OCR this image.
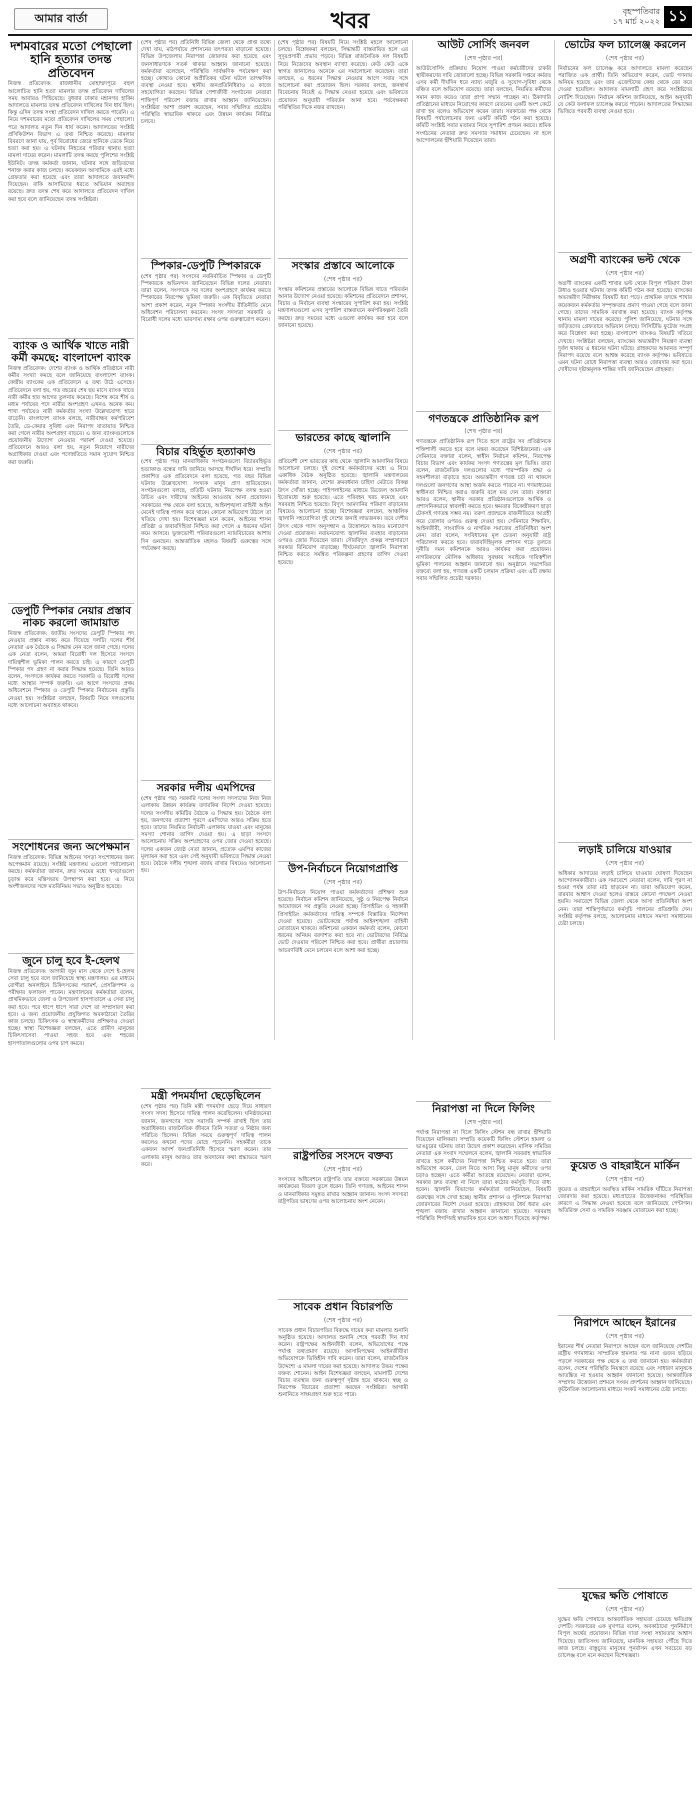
আমার বার্তা	খবর	বৃহস্পতিবার
১৭ মার্চ ২০২২ ১১
দশমবারের মতো পেছালো হানি হত্যার তদন্ত প্রতিবেদন
নিজস্ব প্রতিবেদক: রাজধানীর মোহাম্মদপুরে বহুল আলোচিত হানি হত্যা মামলার তদন্ত প্রতিবেদন দাখিলের সময় আবারও পিছিয়েছে। বুধবার ঢাকার মহানগর হাকিম আদালতে মামলার তদন্ত প্রতিবেদন দাখিলের দিন ধার্য ছিল। কিন্তু এদিন তদন্ত সংস্থা প্রতিবেদন দাখিল করতে পারেনি। এ নিয়ে দশমবারের মতো প্রতিবেদন দাখিলের সময় পেছালো। পরে আদালত নতুন দিন ধার্য করেন। আদালতের সংশ্লিষ্ট প্রসিকিউশন বিভাগ এ তথ্য নিশ্চিত করেছে। মামলার বিবরণে জানা যায়, পূর্ব বিরোধের জেরে হানিকে ডেকে নিয়ে হত্যা করা হয়। এ ঘটনায় নিহতের পরিবার থানায় হত্যা মামলা দায়ের করেন। মামলাটি তদন্ত করছে পুলিশের সংশ্লিষ্ট ইউনিট। তদন্ত কর্মকর্তা জানান, ঘটনার সঙ্গে জড়িতদের শনাক্ত করার কাজ চলছে। কয়েকজন আসামিকে এরই মধ্যে গ্রেফতার করা হয়েছে এবং তারা আদালতে জবানবন্দি দিয়েছেন। বাকি আসামিদের ধরতে অভিযান অব্যাহত রয়েছে। দ্রুত তদন্ত শেষ করে আদালতে প্রতিবেদন দাখিল করা হবে বলে জানিয়েছেন তদন্ত সংশ্লিষ্টরা।
ব্যাংক ও আর্থিক খাতে নারী কর্মী কমছে: বাংলাদেশ ব্যাংক
নিজস্ব প্রতিবেদক: দেশের ব্যাংক ও আর্থিক প্রতিষ্ঠানে নারী কর্মীর সংখ্যা কমছে বলে জানিয়েছে বাংলাদেশ ব্যাংক। কেন্দ্রীয় ব্যাংকের এক প্রতিবেদনে এ তথ্য উঠে এসেছে। প্রতিবেদনে বলা হয়, গত বছরের শেষ ছয় মাসে ব্যাংক খাতে নারী কর্মীর হার আগের তুলনায় কমেছে। বিশেষ করে শীর্ষ ও মধ্যম পর্যায়ের পদে নারীর অংশগ্রহণ এখনও অনেক কম। শাখা পর্যায়েও নারী কর্মকর্তার সংখ্যা উল্লেখযোগ্য হারে বাড়েনি। বাংলাদেশ ব্যাংক বলছে, নারীবান্ধব কর্মপরিবেশ তৈরি, ডে-কেয়ার সুবিধা এবং নিরাপদ যাতায়াত নিশ্চিত করা গেলে নারীর অংশগ্রহণ বাড়বে। এ জন্য ব্যাংকগুলোকে প্রয়োজনীয় উদ্যোগ নেওয়ার পরামর্শ দেওয়া হয়েছে। প্রতিবেদনে আরও বলা হয়, নতুন নিয়োগে নারীদের অগ্রাধিকার দেওয়া এবং পদোন্নতিতে সমান সুযোগ নিশ্চিত করা জরুরি।
ডেপুটি স্পিকার নেয়ার প্রস্তাব নাকচ করলো জামায়াত
নিজস্ব প্রতিবেদক: জাতীয় সংসদের ডেপুটি স্পিকার পদ নেওয়ার প্রস্তাব নাকচ করে দিয়েছে দলটি। দলের শীর্ষ নেতারা এক বৈঠকে এ সিদ্ধান্ত নেন বলে জানা গেছে। দলের এক নেতা বলেন, আমরা বিরোধী দল হিসেবে সংসদে দায়িত্বশীল ভূমিকা পালন করতে চাই। এ কারণে ডেপুটি স্পিকার পদ গ্রহণ না করার সিদ্ধান্ত হয়েছে। তিনি আরও বলেন, সংসদকে কার্যকর করতে সরকারি ও বিরোধী দলের মধ্যে আস্থার সম্পর্ক জরুরি। এর আগে সংসদের প্রথম অধিবেশনে স্পিকার ও ডেপুটি স্পিকার নির্বাচনের প্রস্তুতি নেওয়া হয়। সংশ্লিষ্টরা বলছেন, বিষয়টি নিয়ে দলগুলোর মধ্যে আলোচনা অব্যাহত থাকবে।
সংশোধনের জন্য অপেক্ষমান
নিজস্ব প্রতিবেদক: বিভিন্ন আইনের খসড়া সংশোধনের জন্য অপেক্ষমান রয়েছে। সংশ্লিষ্ট মন্ত্রণালয় এগুলো পর্যালোচনা করছে। কর্মকর্তারা জানান, দ্রুত সময়ের মধ্যে খসড়াগুলো চূড়ান্ত করে মন্ত্রিসভায় উপস্থাপন করা হবে। এ নিয়ে অংশীজনদের সঙ্গে মতবিনিময় সভাও অনুষ্ঠিত হয়েছে।
জুনে চালু হবে ই-হেলথ
নিজস্ব প্রতিবেদক: আগামী জুন মাস থেকে দেশে ই-হেলথ সেবা চালু হবে বলে জানিয়েছে স্বাস্থ্য মন্ত্রণালয়। এর মাধ্যমে রোগীরা অনলাইনে চিকিৎসকের পরামর্শ, প্রেসক্রিপশন ও পরীক্ষার ফলাফল পাবেন। মন্ত্রণালয়ের কর্মকর্তারা বলেন, প্রাথমিকভাবে জেলা ও উপজেলা হাসপাতালে এ সেবা চালু করা হবে। পরে ধাপে ধাপে সারা দেশে তা সম্প্রসারণ করা হবে। এ জন্য প্রয়োজনীয় প্রযুক্তিগত অবকাঠামো তৈরির কাজ চলছে। চিকিৎসক ও স্বাস্থ্যকর্মীদের প্রশিক্ষণও দেওয়া হচ্ছে। স্বাস্থ্য বিশেষজ্ঞরা বলছেন, এতে গ্রামীণ মানুষের চিকিৎসাসেবা পাওয়া সহজ হবে এবং শহরের হাসপাতালগুলোর ওপর চাপ কমবে।
(শেষ পৃষ্ঠার পর) প্রতিনিধি বিভিন্ন জেলা থেকে প্রাপ্ত তথ্যে দেখা যায়, মাঠপর্যায়ে প্রশাসনের তৎপরতা বাড়ানো হয়েছে। বিভিন্ন উপজেলায় নিরাপত্তা জোরদার করা হয়েছে এবং জনসাধারণকে সতর্ক থাকার আহ্বান জানানো হয়েছে। কর্মকর্তারা বলেছেন, পরিস্থিতি সার্বক্ষণিক পর্যবেক্ষণ করা হচ্ছে। কোথাও কোনো অপ্রীতিকর ঘটনা ঘটলে তাৎক্ষণিক ব্যবস্থা নেওয়া হবে। স্থানীয় জনপ্রতিনিধিরাও এ কাজে সহযোগিতা করছেন। বিভিন্ন পেশাজীবী সংগঠনের নেতারা শান্তিপূর্ণ পরিবেশ বজায় রাখার আহ্বান জানিয়েছেন। সংশ্লিষ্টরা আশা প্রকাশ করেছেন, সবার সম্মিলিত প্রচেষ্টায় পরিস্থিতি স্বাভাবিক থাকবে এবং উন্নয়ন কার্যক্রম নির্বিঘ্নে চলবে।
স্পিকার-ডেপুটি স্পিকারকে
(শেষ পৃষ্ঠার পর) সংসদের নবনির্বাচিত স্পিকার ও ডেপুটি স্পিকারকে অভিনন্দন জানিয়েছেন বিভিন্ন দলের নেতারা। তারা বলেন, সংসদকে সব দলের অংশগ্রহণে কার্যকর করতে স্পিকারের নিরপেক্ষ ভূমিকা জরুরি। এক বিবৃতিতে নেতারা আশা প্রকাশ করেন, নতুন স্পিকার সংসদীয় রীতিনীতি মেনে অধিবেশন পরিচালনা করবেন। সংসদ সদস্যরা সরকারি ও বিরোধী দলের মধ্যে ভারসাম্য রক্ষার ওপর গুরুত্বারোপ করেন।
বিচার বহির্ভূত হত্যাকাণ্ড
(শেষ পৃষ্ঠার পর) মানবাধিকার সংগঠনগুলো বিচারবহির্ভূত হত্যাকাণ্ড বন্ধের দাবি জানিয়ে আসছে দীর্ঘদিন ধরে। সম্প্রতি প্রকাশিত এক প্রতিবেদনে বলা হয়েছে, গত বছর বিভিন্ন ঘটনায় উল্লেখযোগ্য সংখ্যক মানুষ প্রাণ হারিয়েছেন। সংগঠনগুলো বলছে, প্রতিটি ঘটনার নিরপেক্ষ তদন্ত হওয়া উচিত এবং দায়ীদের আইনের আওতায় আনা প্রয়োজন। সরকারের পক্ষ থেকে বলা হয়েছে, আইনশৃঙ্খলা বাহিনী আইন মেনেই দায়িত্ব পালন করে থাকে। কোনো অভিযোগ উঠলে তা খতিয়ে দেখা হয়। বিশেষজ্ঞরা মনে করেন, আইনের শাসন প্রতিষ্ঠা ও জবাবদিহিতা নিশ্চিত করা গেলে এ ধরনের ঘটনা কমে আসবে। ভুক্তভোগী পরিবারগুলো ন্যায়বিচারের আশায় দিন গুনছেন। আন্তর্জাতিক মহলও বিষয়টি গুরুত্বের সঙ্গে পর্যবেক্ষণ করছে।
সরকার দলীয় এমপিদের
(শেষ পৃষ্ঠার পর) সরকারি দলের সংসদ সদস্যদের নিজ নিজ এলাকায় উন্নয়ন কার্যক্রম তদারকির নির্দেশ দেওয়া হয়েছে। দলের সংসদীয় কমিটির বৈঠকে এ সিদ্ধান্ত হয়। বৈঠকে বলা হয়, জনগণের প্রত্যাশা পূরণে এমপিদের আরও সক্রিয় হতে হবে। তাদের নিয়মিত নির্বাচনী এলাকায় যাওয়া এবং মানুষের সমস্যা শোনার তাগিদ দেওয়া হয়। এ ছাড়া সংসদে আলোচনায় সক্রিয় অংশগ্রহণের ওপর জোর দেওয়া হয়েছে। দলের একজন জ্যেষ্ঠ নেতা জানান, প্রত্যেক এমপির কাজের মূল্যায়ন করা হবে এবং সেই অনুযায়ী ভবিষ্যতে সিদ্ধান্ত নেওয়া হবে। বৈঠকে দলীয় শৃঙ্খলা বজায় রাখার বিষয়েও আলোচনা হয়।
মন্ত্রী পদমর্যাদা ছেড়েছিলেন
(শেষ পৃষ্ঠার পর) তিনি মন্ত্রী পদমর্যাদা ছেড়ে দিয়ে সাধারণ সংসদ সদস্য হিসেবে দায়িত্ব পালন করেছিলেন। ঘনিষ্ঠজনেরা জানান, জনগণের সঙ্গে সরাসরি সম্পর্ক রাখাই ছিল তার অগ্রাধিকার। রাজনৈতিক জীবনে তিনি সততা ও নিষ্ঠার জন্য পরিচিত ছিলেন। বিভিন্ন সময়ে গুরুত্বপূর্ণ দায়িত্ব পালন করলেও কখনো পদের মোহে পড়েননি। সহকর্মীরা তাকে একজন আদর্শ জনপ্রতিনিধি হিসেবে স্মরণ করেন। তার এলাকার মানুষ আজও তার অবদানের কথা শ্রদ্ধাভরে স্মরণ করে।
(শেষ পৃষ্ঠার পর) বিষয়টি নিয়ে সংশ্লিষ্ট মহলে আলোচনা চলছে। বিশ্লেষকরা বলছেন, সিদ্ধান্তটি বাস্তবায়িত হলে এর সুদূরপ্রসারী প্রভাব পড়বে। বিভিন্ন রাজনৈতিক দল বিষয়টি নিয়ে নিজেদের অবস্থান ব্যাখ্যা করেছে। কেউ কেউ একে স্বাগত জানালেও অনেকে এর সমালোচনা করেছেন। তারা বলছেন, এ ধরনের সিদ্ধান্ত নেওয়ার আগে সবার সঙ্গে আলোচনা করা প্রয়োজন ছিল। সরকার বলছে, জনস্বার্থ বিবেচনায় নিয়েই এ সিদ্ধান্ত নেওয়া হয়েছে এবং ভবিষ্যতে প্রয়োজন অনুযায়ী পরিবর্তন আনা হবে। পর্যবেক্ষকরা পরিস্থিতির দিকে নজর রাখছেন।
সংস্কার প্রস্তাবে আলোকে
(শেষ পৃষ্ঠার পর)
সংস্কার কমিশনের প্রস্তাবের আলোকে বিভিন্ন খাতে পরিবর্তন আনার উদ্যোগ নেওয়া হয়েছে। কমিশনের প্রতিবেদনে প্রশাসন, বিচার ও নির্বাচন ব্যবস্থা সংস্কারের সুপারিশ করা হয়। সংশ্লিষ্ট মন্ত্রণালয়গুলো এসব সুপারিশ বাস্তবায়নে কর্মপরিকল্পনা তৈরি করছে। দ্রুত সময়ের মধ্যে এগুলো কার্যকর করা হবে বলে জানানো হয়েছে।
ভারতের কাছে জ্বালানি
(শেষ পৃষ্ঠার পর)
প্রতিবেশী দেশ ভারতের কাছ থেকে জ্বালানি আমদানির বিষয়ে আলোচনা চলছে। দুই দেশের কর্মকর্তাদের মধ্যে এ নিয়ে একাধিক বৈঠক অনুষ্ঠিত হয়েছে। জ্বালানি মন্ত্রণালয়ের কর্মকর্তারা জানান, দেশের ক্রমবর্ধমান চাহিদা মেটাতে বিকল্প উৎস খোঁজা হচ্ছে। পাইপলাইনের মাধ্যমে ডিজেল আমদানি ইতোমধ্যে শুরু হয়েছে। এতে পরিবহন খরচ কমেছে এবং সরবরাহ নিশ্চিত হয়েছে। বিদ্যুৎ আমদানির পরিমাণ বাড়ানোর বিষয়েও আলোচনা হচ্ছে। বিশেষজ্ঞরা বলছেন, আঞ্চলিক জ্বালানি সহযোগিতা দুই দেশের জন্যই লাভজনক। তবে দেশীয় উৎস থেকে গ্যাস অনুসন্ধান ও উত্তোলনে আরও মনোযোগ দেওয়া প্রয়োজন। নবায়নযোগ্য জ্বালানির ব্যবহার বাড়ানোর ওপরও জোর দিয়েছেন তারা। সৌরবিদ্যুৎ প্রকল্প সম্প্রসারণে সরকার বিনিয়োগ বাড়াচ্ছে। দীর্ঘমেয়াদে জ্বালানি নিরাপত্তা নিশ্চিত করতে সমন্বিত পরিকল্পনা গ্রহণের তাগিদ দেওয়া হয়েছে।
উপ-নির্বাচনে নিয়োগপ্রাপ্তি
(শেষ পৃষ্ঠার পর)
উপ-নির্বাচনে নিয়োগ পাওয়া কর্মকর্তাদের প্রশিক্ষণ শুরু হয়েছে। নির্বাচন কমিশন জানিয়েছে, সুষ্ঠু ও নিরপেক্ষ নির্বাচন আয়োজনে সব প্রস্তুতি নেওয়া হচ্ছে। প্রিসাইডিং ও সহকারী প্রিসাইডিং কর্মকর্তাদের দায়িত্ব সম্পর্কে বিস্তারিত নির্দেশনা দেওয়া হয়েছে। ভোটকেন্দ্রে পর্যাপ্ত আইনশৃঙ্খলা বাহিনী মোতায়েন থাকবে। কমিশনের একজন কর্মকর্তা বলেন, কোনো ধরনের অনিয়ম বরদাশত করা হবে না। ভোটারদের নির্বিঘ্নে ভোট দেওয়ার পরিবেশ নিশ্চিত করা হবে। প্রার্থীরা প্রচারণায় আচরণবিধি মেনে চলবেন বলে আশা করা হচ্ছে।
রাষ্ট্রপতির সংসদে বক্তব্য
(শেষ পৃষ্ঠার পর)
সংসদের অধিবেশনে রাষ্ট্রপতি তার বক্তব্যে সরকারের উন্নয়ন কার্যক্রমের বিবরণ তুলে ধরেন। তিনি গণতন্ত্র, আইনের শাসন ও মানবাধিকার সমুন্নত রাখার আহ্বান জানান। সংসদ সদস্যরা রাষ্ট্রপতির ভাষণের ওপর আলোচনায় অংশ নেবেন।
সাবেক প্রধান বিচারপতি
(শেষ পৃষ্ঠার পর)
সাবেক প্রধান বিচারপতির বিরুদ্ধে দায়ের করা মামলার শুনানি অনুষ্ঠিত হয়েছে। আদালত শুনানি শেষে পরবর্তী দিন ধার্য করেন। রাষ্ট্রপক্ষের আইনজীবী বলেন, অভিযোগের পক্ষে পর্যাপ্ত তথ্যপ্রমাণ রয়েছে। আসামিপক্ষের আইনজীবীরা অভিযোগকে ভিত্তিহীন দাবি করেন। তারা বলেন, রাজনৈতিক উদ্দেশ্যে এ মামলা দায়ের করা হয়েছে। আদালত উভয় পক্ষের বক্তব্য শোনেন। আইন বিশেষজ্ঞরা বলছেন, মামলাটি দেশের বিচার ব্যবস্থার জন্য গুরুত্বপূর্ণ দৃষ্টান্ত হয়ে থাকবে। স্বচ্ছ ও নিরপেক্ষ বিচারের প্রত্যাশা করছেন সংশ্লিষ্টরা। আগামী শুনানিতে সাক্ষ্যগ্রহণ শুরু হতে পারে।
আউট সোর্সিং জনবল
(শেষ পৃষ্ঠার পর)
আউটসোর্সিং প্রক্রিয়ায় নিয়োগ পাওয়া কর্মচারীদের চাকরি স্থায়ীকরণের দাবি জোরালো হচ্ছে। বিভিন্ন সরকারি দপ্তরে কর্মরত এসব কর্মী দীর্ঘদিন ধরে ন্যায্য মজুরি ও সুযোগ-সুবিধা থেকে বঞ্চিত বলে অভিযোগ রয়েছে। তারা বলছেন, নিয়মিত কর্মীদের সমান কাজ করেও তারা প্রাপ্য সম্মান পাচ্ছেন না। ঠিকাদারি প্রতিষ্ঠানের মাধ্যমে নিয়োগের কারণে বেতনের একটি অংশ কেটে রাখা হয় বলেও অভিযোগ করেন তারা। সরকারের পক্ষ থেকে বিষয়টি পর্যালোচনার জন্য একটি কমিটি গঠন করা হয়েছে। কমিটি সংশ্লিষ্ট সবার মতামত নিয়ে সুপারিশ প্রণয়ন করবে। শ্রমিক সংগঠনের নেতারা দ্রুত সমস্যার সমাধান চেয়েছেন। না হলে আন্দোলনের হুঁশিয়ারি দিয়েছেন তারা।
গণতন্ত্রকে প্রাতিষ্ঠানিক রূপ
(শেষ পৃষ্ঠার পর)
গণতন্ত্রকে প্রাতিষ্ঠানিক রূপ দিতে হলে রাষ্ট্রের সব প্রতিষ্ঠানকে শক্তিশালী করতে হবে বলে মন্তব্য করেছেন বিশিষ্টজনেরা। এক সেমিনারে বক্তারা বলেন, স্বাধীন নির্বাচন কমিশন, নিরপেক্ষ বিচার বিভাগ এবং কার্যকর সংসদ গণতন্ত্রের মূল ভিত্তি। তারা বলেন, রাজনৈতিক দলগুলোর মধ্যে পারস্পরিক শ্রদ্ধা ও সহনশীলতা বাড়াতে হবে। অভ্যন্তরীণ গণতন্ত্র চর্চা না থাকলে দলগুলো জনগণের আস্থা অর্জন করতে পারবে না। গণমাধ্যমের স্বাধীনতা নিশ্চিত করাও জরুরি বলে মত দেন তারা। বক্তারা আরও বলেন, স্থানীয় সরকার প্রতিষ্ঠানগুলোকে আর্থিক ও প্রশাসনিকভাবে স্বাবলম্বী করতে হবে। ক্ষমতার বিকেন্দ্রীকরণ ছাড়া টেকসই গণতন্ত্র সম্ভব নয়। তরুণ প্রজন্মকে রাজনীতিতে আগ্রহী করে তোলার ওপরও গুরুত্ব দেওয়া হয়। সেমিনারে শিক্ষাবিদ, আইনজীবী, সাংবাদিক ও নাগরিক সমাজের প্রতিনিধিরা অংশ নেন। তারা বলেন, সংবিধানের মূল চেতনা অনুযায়ী রাষ্ট্র পরিচালনা করতে হবে। জবাবদিহিমূলক প্রশাসন গড়ে তুলতে দুর্নীতি দমন কমিশনকে আরও কার্যকর করা প্রয়োজন। নাগরিকদের মৌলিক অধিকার সুরক্ষায় সবাইকে দায়িত্বশীল ভূমিকা পালনের আহ্বান জানানো হয়। অনুষ্ঠানে সভাপতির বক্তব্যে বলা হয়, গণতন্ত্র একটি চলমান প্রক্রিয়া এবং এটি রক্ষায় সবার সম্মিলিত প্রচেষ্টা দরকার।
নিরাপত্তা না দিলে ফিলিং
(শেষ পৃষ্ঠার পর)
পর্যাপ্ত নিরাপত্তা না দিলে ফিলিং স্টেশন বন্ধ রাখার হুঁশিয়ারি দিয়েছেন মালিকরা। সম্প্রতি কয়েকটি ফিলিং স্টেশনে হামলা ও ভাঙচুরের ঘটনায় তারা উদ্বেগ প্রকাশ করেছেন। মালিক সমিতির নেতারা এক সংবাদ সম্মেলনে বলেন, জ্বালানি সরবরাহ স্বাভাবিক রাখতে হলে কর্মীদের নিরাপত্তা নিশ্চিত করতে হবে। তারা অভিযোগ করেন, তেল নিতে আসা কিছু মানুষ কর্মীদের ওপর চড়াও হচ্ছেন। এতে কর্মীরা আতঙ্কে রয়েছেন। নেতারা বলেন, সরকার দ্রুত ব্যবস্থা না নিলে তারা কঠোর কর্মসূচি দিতে বাধ্য হবেন। জ্বালানি বিভাগের কর্মকর্তারা জানিয়েছেন, বিষয়টি গুরুত্বের সঙ্গে দেখা হচ্ছে। স্থানীয় প্রশাসন ও পুলিশকে নিরাপত্তা জোরদারের নির্দেশ দেওয়া হয়েছে। গ্রাহকদের ধৈর্য ধরার এবং শৃঙ্খলা বজায় রাখার আহ্বান জানানো হয়েছে। সরবরাহ পরিস্থিতি শিগগিরই স্বাভাবিক হবে বলে আশ্বাস দিয়েছে কর্তৃপক্ষ।
ভোটের ফল চ্যালেঞ্জ করলেন
(শেষ পৃষ্ঠার পর)
নির্বাচনের ফল চ্যালেঞ্জ করে আদালতে মামলা করেছেন পরাজিত এক প্রার্থী। তিনি অভিযোগ করেন, ভোট গণনায় অনিয়ম হয়েছে এবং তার এজেন্টদের কেন্দ্র থেকে বের করে দেওয়া হয়েছিল। আদালত মামলাটি গ্রহণ করে সংশ্লিষ্টদের নোটিশ দিয়েছেন। নির্বাচন কমিশন জানিয়েছে, আইন অনুযায়ী যে কেউ ফলাফল চ্যালেঞ্জ করতে পারেন। আদালতের সিদ্ধান্তের ভিত্তিতে পরবর্তী ব্যবস্থা নেওয়া হবে।
অগ্রণী ব্যাংকের ভল্ট থেকে
(শেষ পৃষ্ঠার পর)
অগ্রণী ব্যাংকের একটি শাখার ভল্ট থেকে বিপুল পরিমাণ টাকা উধাও হওয়ার ঘটনায় তদন্ত কমিটি গঠন করা হয়েছে। ব্যাংকের অভ্যন্তরীণ নিরীক্ষায় বিষয়টি ধরা পড়ে। প্রাথমিক তদন্তে শাখার কয়েকজন কর্মকর্তার সম্পৃক্ততার প্রমাণ পাওয়া গেছে বলে জানা গেছে। তাদের সাময়িক বরখাস্ত করা হয়েছে। ব্যাংক কর্তৃপক্ষ থানায় মামলা দায়ের করেছে। পুলিশ জানিয়েছে, ঘটনার সঙ্গে জড়িতদের গ্রেফতারে অভিযান চলছে। সিসিটিভি ফুটেজ সংগ্রহ করে বিশ্লেষণ করা হচ্ছে। বাংলাদেশ ব্যাংকও বিষয়টি খতিয়ে দেখছে। সংশ্লিষ্টরা বলছেন, ব্যাংকের অভ্যন্তরীণ নিয়ন্ত্রণ ব্যবস্থা দুর্বল থাকায় এ ধরনের ঘটনা ঘটছে। গ্রাহকদের আমানত সম্পূর্ণ নিরাপদ রয়েছে বলে আশ্বস্ত করেছে ব্যাংক কর্তৃপক্ষ। ভবিষ্যতে এমন ঘটনা রোধে নিরাপত্তা ব্যবস্থা আরও জোরদার করা হবে। দোষীদের দৃষ্টান্তমূলক শাস্তির দাবি জানিয়েছেন গ্রাহকরা।
লড়াই চালিয়ে যাওয়ার
(শেষ পৃষ্ঠার পর)
অধিকার আদায়ের লড়াই চালিয়ে যাওয়ার ঘোষণা দিয়েছেন আন্দোলনকারীরা। এক সমাবেশে নেতারা বলেন, দাবি পূরণ না হওয়া পর্যন্ত তারা মাঠ ছাড়বেন না। তারা অভিযোগ করেন, বারবার আশ্বাস দেওয়া হলেও বাস্তবে কোনো পদক্ষেপ নেওয়া হয়নি। সমাবেশে বিভিন্ন জেলা থেকে আসা প্রতিনিধিরা অংশ নেন। তারা শান্তিপূর্ণভাবে কর্মসূচি পালনের প্রতিশ্রুতি দেন। সংশ্লিষ্ট কর্তৃপক্ষ বলছে, আলোচনার মাধ্যমে সমস্যা সমাধানের চেষ্টা চলছে।
কুয়েত ও বাহরাইনে মার্কিন
(শেষ পৃষ্ঠার পর)
কুয়েত ও বাহরাইনে অবস্থিত মার্কিন সামরিক ঘাঁটিতে নিরাপত্তা জোরদার করা হয়েছে। মধ্যপ্রাচ্যের উত্তেজনাকর পরিস্থিতির কারণে এ সিদ্ধান্ত নেওয়া হয়েছে বলে জানিয়েছে পেন্টাগন। অতিরিক্ত সেনা ও সামরিক সরঞ্জাম মোতায়েন করা হচ্ছে।
নিরাপদে আছেন ইরানের
(শেষ পৃষ্ঠার পর)
ইরানের শীর্ষ নেতারা নিরাপদে আছেন বলে জানিয়েছে দেশটির রাষ্ট্রীয় গণমাধ্যম। সাম্প্রতিক হামলার পর নানা গুজব ছড়িয়ে পড়লে সরকারের পক্ষ থেকে এ তথ্য জানানো হয়। কর্মকর্তারা বলেন, দেশের পরিস্থিতি নিয়ন্ত্রণে রয়েছে এবং সাধারণ মানুষকে আতঙ্কিত না হওয়ার আহ্বান জানানো হয়েছে। আন্তর্জাতিক সম্প্রদায় উত্তেজনা প্রশমনে সংযম প্রদর্শনের আহ্বান জানিয়েছে। কূটনৈতিক আলোচনার মাধ্যমে সংকট সমাধানের চেষ্টা চলছে।
যুদ্ধের ক্ষতি পোষাতে
(শেষ পৃষ্ঠার পর)
যুদ্ধের ক্ষতি পোষাতে আন্তর্জাতিক সহায়তা চেয়েছে ক্ষতিগ্রস্ত দেশটি। সরকারের এক মুখপাত্র বলেন, অবকাঠামো পুনর্নির্মাণে বিপুল অর্থের প্রয়োজন। বিভিন্ন দাতা সংস্থা সহায়তার আশ্বাস দিয়েছে। জাতিসংঘ জানিয়েছে, মানবিক সহায়তা পৌঁছে দিতে কাজ চলছে। বাস্তুচ্যুত মানুষের পুনর্বাসন এখন সবচেয়ে বড় চ্যালেঞ্জ বলে মনে করছেন বিশেষজ্ঞরা।
